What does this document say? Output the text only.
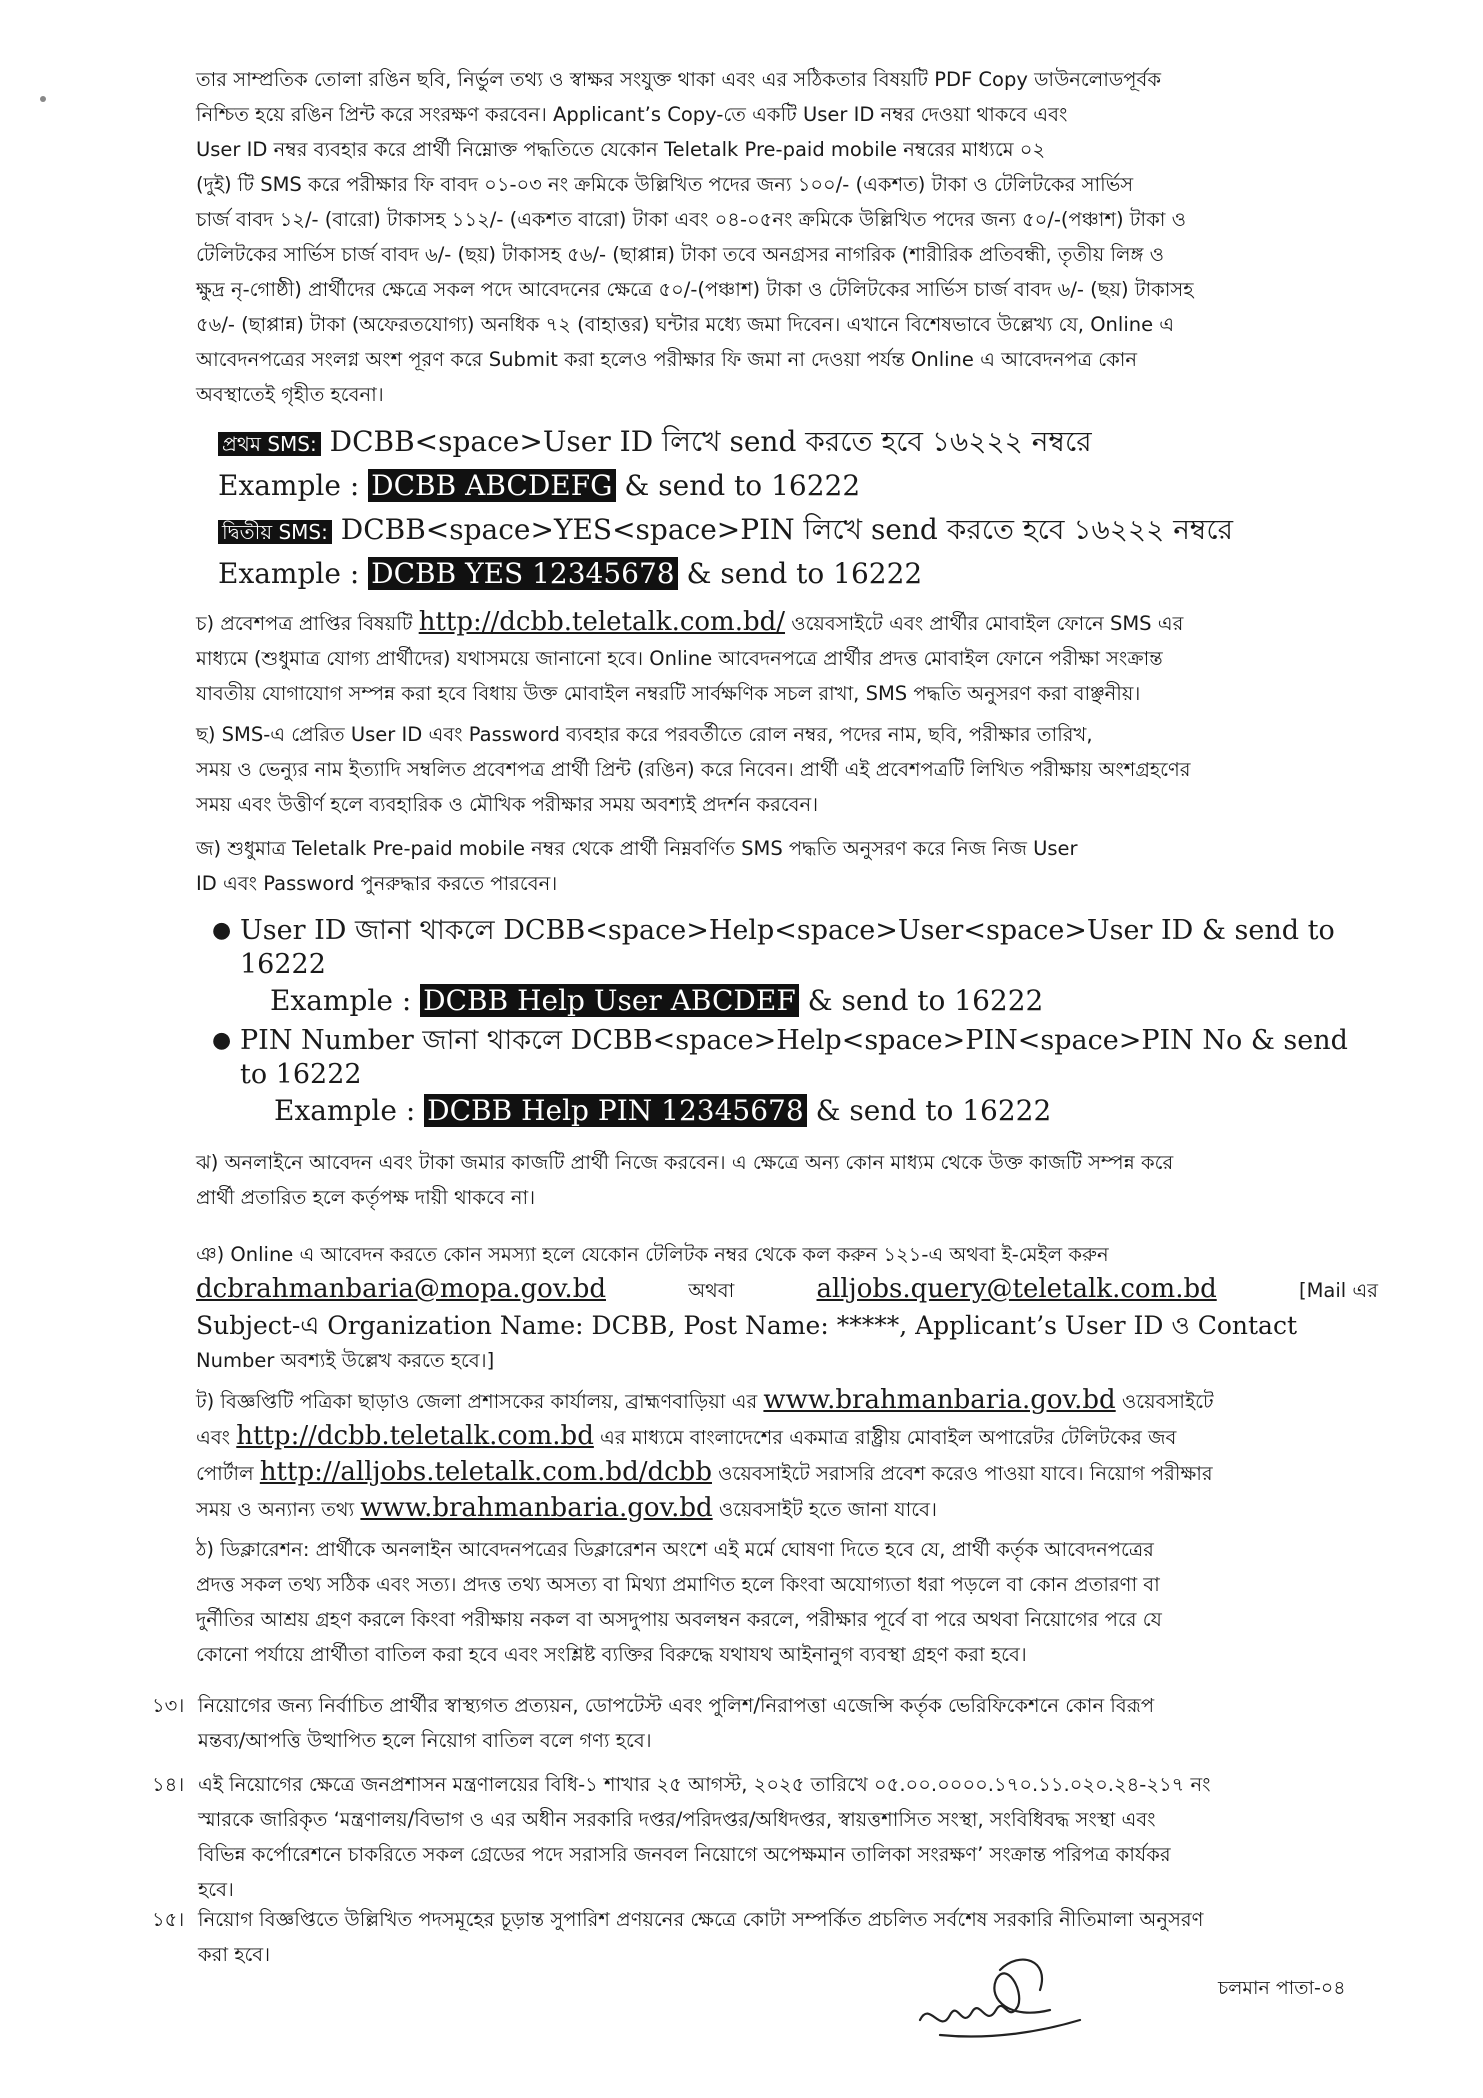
তার সাম্প্রতিক তোলা রঙিন ছবি, নির্ভুল তথ্য ও স্বাক্ষর সংযুক্ত থাকা এবং এর সঠিকতার বিষয়টি PDF Copy ডাউনলোডপূর্বক
নিশ্চিত হয়ে রঙিন প্রিন্ট করে সংরক্ষণ করবেন। Applicant’s Copy-তে একটি User ID নম্বর দেওয়া থাকবে এবং
User ID নম্বর ব্যবহার করে প্রার্থী নিম্নোক্ত পদ্ধতিতে যেকোন Teletalk Pre-paid mobile নম্বরের মাধ্যমে ০২
(দুই) টি SMS করে পরীক্ষার ফি বাবদ ০১-০৩ নং ক্রমিকে উল্লিখিত পদের জন্য ১০০/- (একশত) টাকা ও টেলিটকের সার্ভিস
চার্জ বাবদ ১২/- (বারো) টাকাসহ ১১২/- (একশত বারো) টাকা এবং ০৪-০৫নং ক্রমিকে উল্লিখিত পদের জন্য ৫০/-(পঞ্চাশ) টাকা ও
টেলিটকের সার্ভিস চার্জ বাবদ ৬/- (ছয়) টাকাসহ ৫৬/- (ছাপ্পান্ন) টাকা তবে অনগ্রসর নাগরিক (শারীরিক প্রতিবন্ধী, তৃতীয় লিঙ্গ ও
ক্ষুদ্র নৃ-গোষ্ঠী) প্রার্থীদের ক্ষেত্রে সকল পদে আবেদনের ক্ষেত্রে ৫০/-(পঞ্চাশ) টাকা ও টেলিটকের সার্ভিস চার্জ বাবদ ৬/- (ছয়) টাকাসহ
৫৬/- (ছাপ্পান্ন) টাকা (অফেরতযোগ্য) অনধিক ৭২ (বাহাত্তর) ঘন্টার মধ্যে জমা দিবেন। এখানে বিশেষভাবে উল্লেখ্য যে, Online এ
আবেদনপত্রের সংলগ্ন অংশ পূরণ করে Submit করা হলেও পরীক্ষার ফি জমা না দেওয়া পর্যন্ত Online এ আবেদনপত্র কোন
অবস্থাতেই গৃহীত হবেনা।
প্রথম SMS: DCBB<space>User ID লিখে send করতে হবে ১৬২২২ নম্বরে
Example : DCBB ABCDEFG & send to 16222
দ্বিতীয় SMS: DCBB<space>YES<space>PIN লিখে send করতে হবে ১৬২২২ নম্বরে
Example : DCBB YES 12345678 & send to 16222
চ) প্রবেশপত্র প্রাপ্তির বিষয়টি http://dcbb.teletalk.com.bd/ ওয়েবসাইটে এবং প্রার্থীর মোবাইল ফোনে SMS এর
মাধ্যমে (শুধুমাত্র যোগ্য প্রার্থীদের) যথাসময়ে জানানো হবে। Online আবেদনপত্রে প্রার্থীর প্রদত্ত মোবাইল ফোনে পরীক্ষা সংক্রান্ত
যাবতীয় যোগাযোগ সম্পন্ন করা হবে বিধায় উক্ত মোবাইল নম্বরটি সার্বক্ষণিক সচল রাখা, SMS পদ্ধতি অনুসরণ করা বাঞ্ছনীয়।
ছ) SMS-এ প্রেরিত User ID এবং Password ব্যবহার করে পরবর্তীতে রোল নম্বর, পদের নাম, ছবি, পরীক্ষার তারিখ,
সময় ও ভেন্যুর নাম ইত্যাদি সম্বলিত প্রবেশপত্র প্রার্থী প্রিন্ট (রঙিন) করে নিবেন। প্রার্থী এই প্রবেশপত্রটি লিখিত পরীক্ষায় অংশগ্রহণের
সময় এবং উত্তীর্ণ হলে ব্যবহারিক ও মৌখিক পরীক্ষার সময় অবশ্যই প্রদর্শন করবেন।
জ) শুধুমাত্র Teletalk Pre-paid mobile নম্বর থেকে প্রার্থী নিম্নবর্ণিত SMS পদ্ধতি অনুসরণ করে নিজ নিজ User
ID এবং Password পুনরুদ্ধার করতে পারবেন।
● User ID জানা থাকলে DCBB<space>Help<space>User<space>User ID & send to
16222
Example : DCBB Help User ABCDEF & send to 16222
● PIN Number জানা থাকলে DCBB<space>Help<space>PIN<space>PIN No & send
to 16222
Example : DCBB Help PIN 12345678 & send to 16222
ঝ) অনলাইনে আবেদন এবং টাকা জমার কাজটি প্রার্থী নিজে করবেন। এ ক্ষেত্রে অন্য কোন মাধ্যম থেকে উক্ত কাজটি সম্পন্ন করে
প্রার্থী প্রতারিত হলে কর্তৃপক্ষ দায়ী থাকবে না।
ঞ) Online এ আবেদন করতে কোন সমস্যা হলে যেকোন টেলিটক নম্বর থেকে কল করুন ১২১-এ অথবা ই-মেইল করুন
dcbrahmanbaria@mopa.gov.bd	অথবা	alljobs.query@teletalk.com.bd	[Mail এর
Subject-এ Organization Name: DCBB, Post Name: *****, Applicant’s User ID ও Contact
Number অবশ্যই উল্লেখ করতে হবে।]
ট) বিজ্ঞপ্তিটি পত্রিকা ছাড়াও জেলা প্রশাসকের কার্যালয়, ব্রাহ্মণবাড়িয়া এর www.brahmanbaria.gov.bd ওয়েবসাইটে
এবং http://dcbb.teletalk.com.bd এর মাধ্যমে বাংলাদেশের একমাত্র রাষ্ট্রীয় মোবাইল অপারেটর টেলিটকের জব
পোর্টাল http://alljobs.teletalk.com.bd/dcbb ওয়েবসাইটে সরাসরি প্রবেশ করেও পাওয়া যাবে। নিয়োগ পরীক্ষার
সময় ও অন্যান্য তথ্য www.brahmanbaria.gov.bd ওয়েবসাইট হতে জানা যাবে।
ঠ) ডিক্লারেশন: প্রার্থীকে অনলাইন আবেদনপত্রের ডিক্লারেশন অংশে এই মর্মে ঘোষণা দিতে হবে যে, প্রার্থী কর্তৃক আবেদনপত্রের
প্রদত্ত সকল তথ্য সঠিক এবং সত্য। প্রদত্ত তথ্য অসত্য বা মিথ্যা প্রমাণিত হলে কিংবা অযোগ্যতা ধরা পড়লে বা কোন প্রতারণা বা
দুর্নীতির আশ্রয় গ্রহণ করলে কিংবা পরীক্ষায় নকল বা অসদুপায় অবলম্বন করলে, পরীক্ষার পূর্বে বা পরে অথবা নিয়োগের পরে যে
কোনো পর্যায়ে প্রার্থীতা বাতিল করা হবে এবং সংশ্লিষ্ট ব্যক্তির বিরুদ্ধে যথাযথ আইনানুগ ব্যবস্থা গ্রহণ করা হবে।
১৩। নিয়োগের জন্য নির্বাচিত প্রার্থীর স্বাস্থ্যগত প্রত্যয়ন, ডোপটেস্ট এবং পুলিশ/নিরাপত্তা এজেন্সি কর্তৃক ভেরিফিকেশনে কোন বিরূপ
মন্তব্য/আপত্তি উত্থাপিত হলে নিয়োগ বাতিল বলে গণ্য হবে।
১৪। এই নিয়োগের ক্ষেত্রে জনপ্রশাসন মন্ত্রণালয়ের বিধি-১ শাখার ২৫ আগস্ট, ২০২৫ তারিখে ০৫.০০.০০০০.১৭০.১১.০২০.২৪-২১৭ নং
স্মারকে জারিকৃত ‘মন্ত্রণালয়/বিভাগ ও এর অধীন সরকারি দপ্তর/পরিদপ্তর/অধিদপ্তর, স্বায়ত্তশাসিত সংস্থা, সংবিধিবদ্ধ সংস্থা এবং
বিভিন্ন কর্পোরেশনে চাকরিতে সকল গ্রেডের পদে সরাসরি জনবল নিয়োগে অপেক্ষমান তালিকা সংরক্ষণ’ সংক্রান্ত পরিপত্র কার্যকর
হবে।
১৫। নিয়োগ বিজ্ঞপ্তিতে উল্লিখিত পদসমূহের চূড়ান্ত সুপারিশ প্রণয়নের ক্ষেত্রে কোটা সম্পর্কিত প্রচলিত সর্বশেষ সরকারি নীতিমালা অনুসরণ
করা হবে।
চলমান পাতা-০৪
